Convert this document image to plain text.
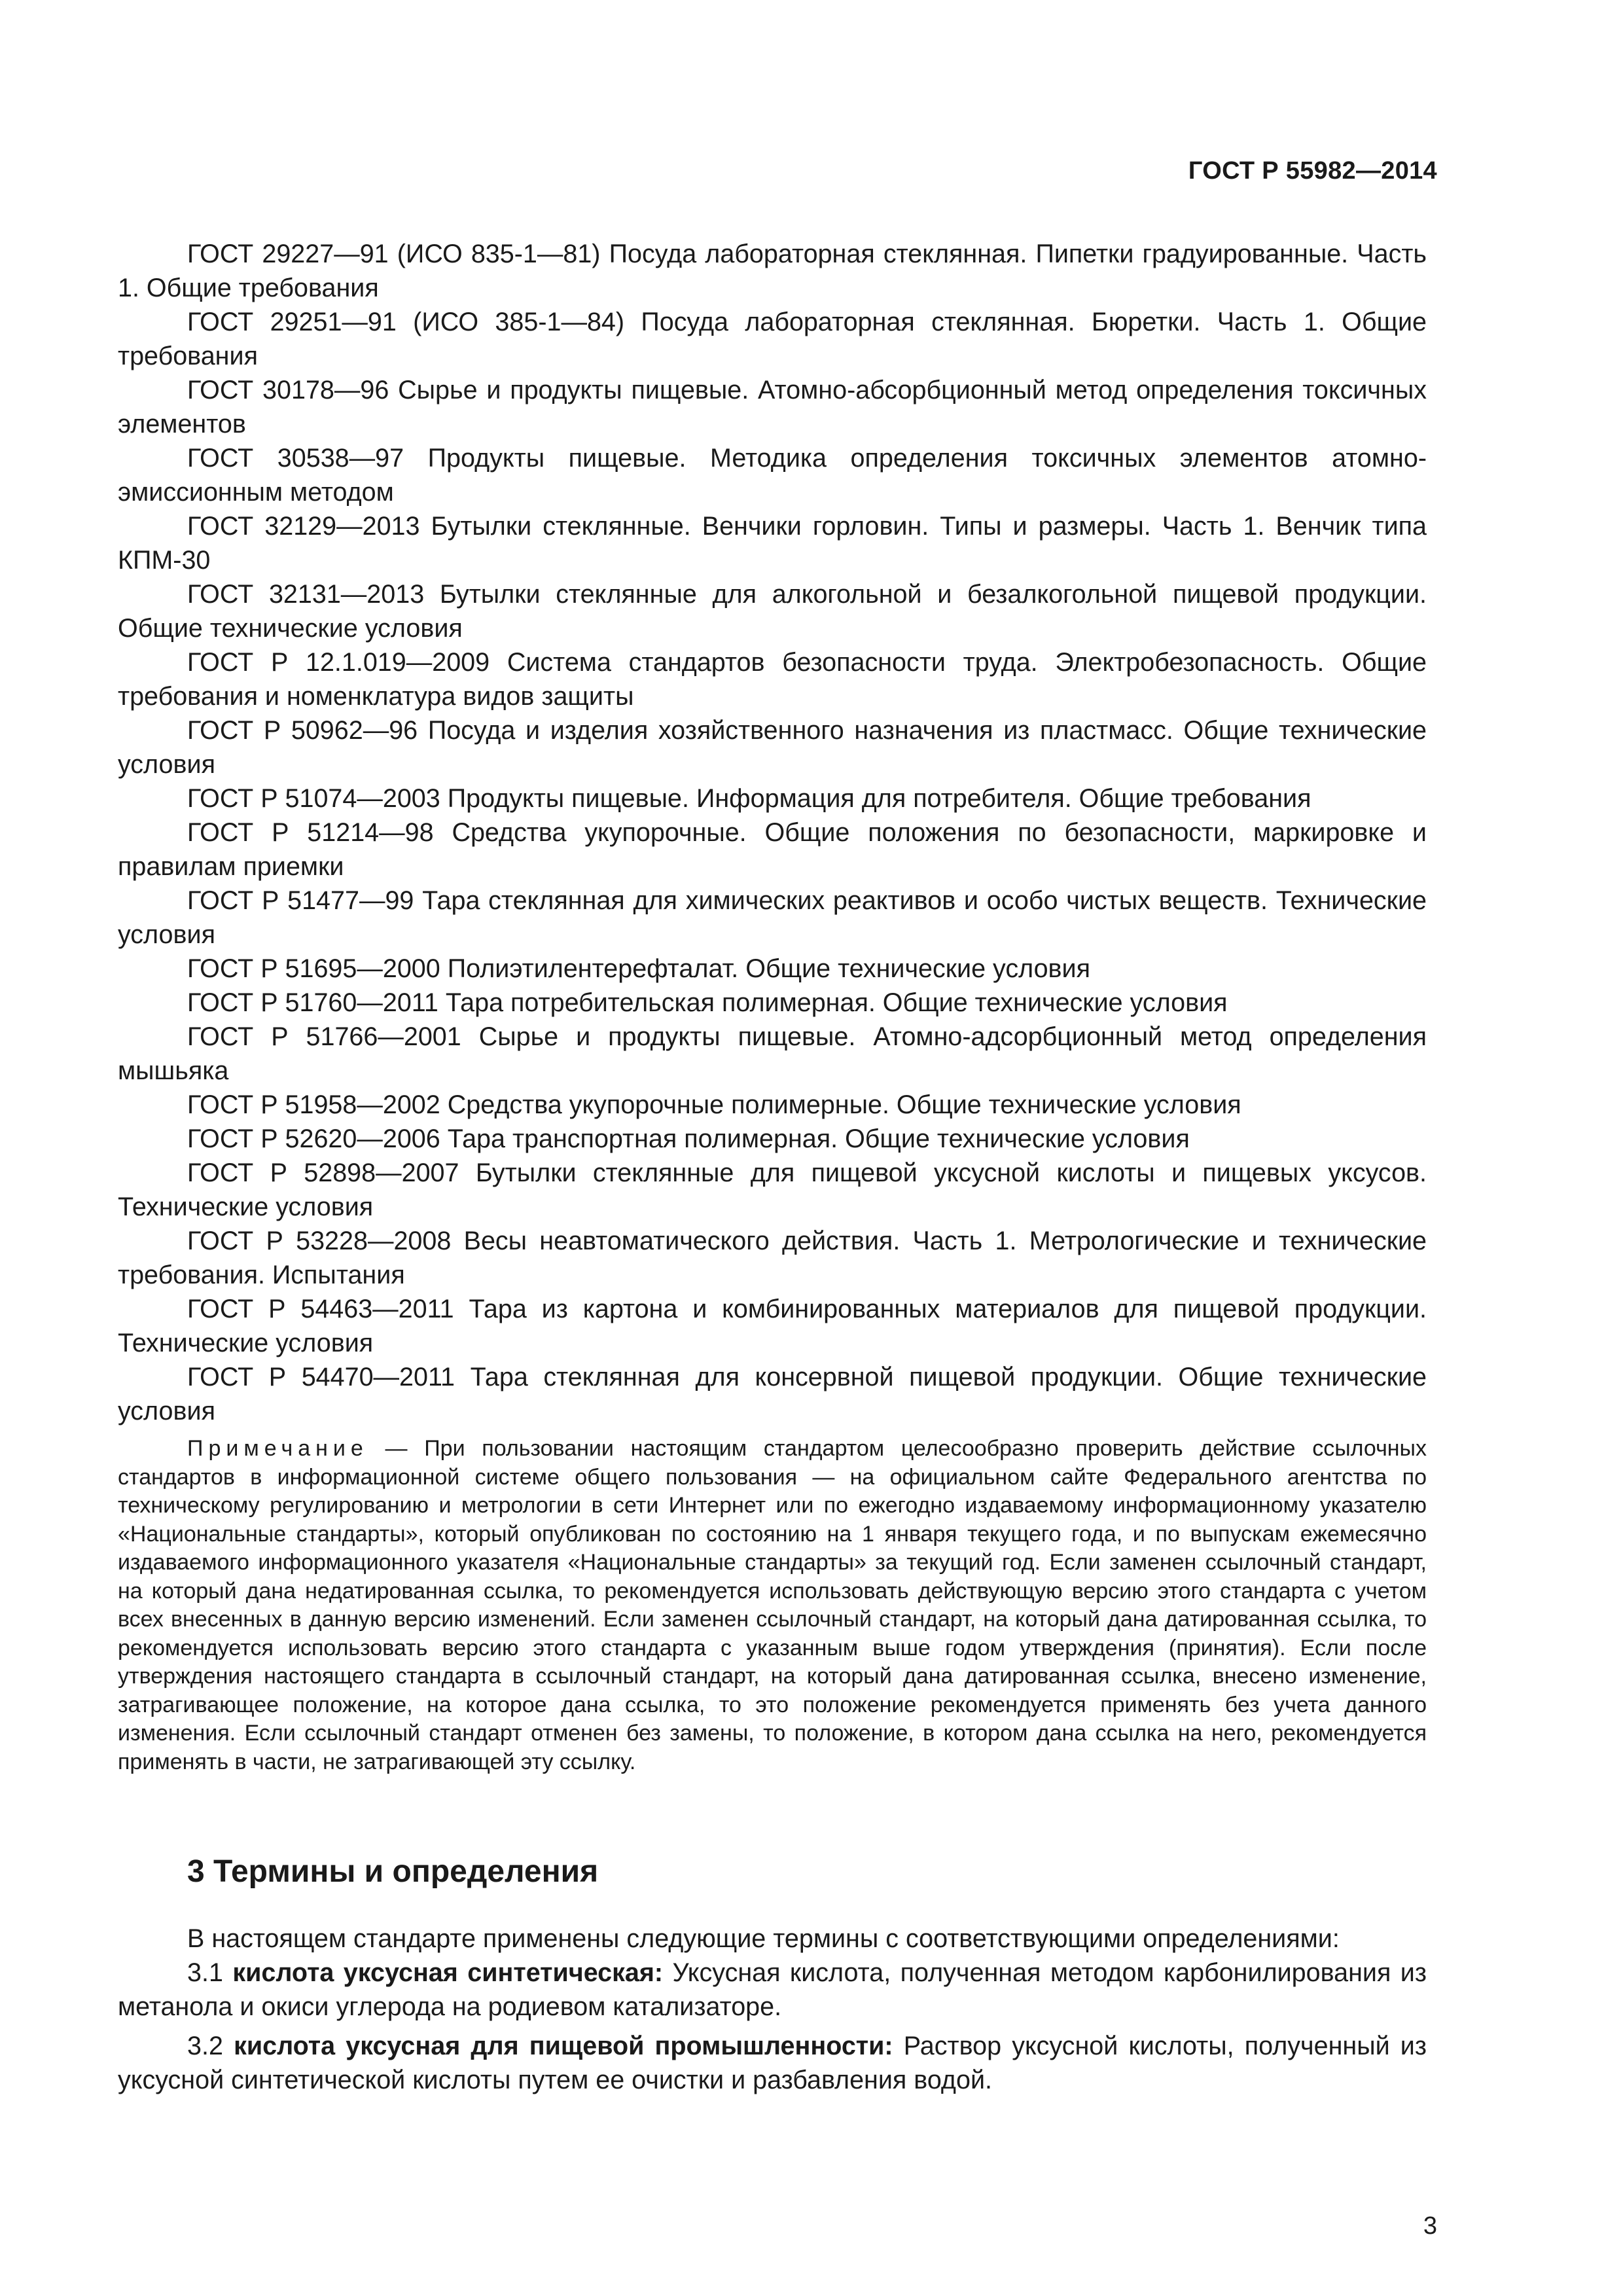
ГОСТ Р 55982—2014

ГОСТ 29227—91 (ИСО 835-1—81) Посуда лабораторная стеклянная. Пипетки градуированные. Часть 1. Общие требования

ГОСТ 29251—91 (ИСО 385-1—84) Посуда лабораторная стеклянная. Бюретки. Часть 1. Общие требования

ГОСТ 30178—96 Сырье и продукты пищевые. Атомно-абсорбционный метод определения токсичных элементов

ГОСТ 30538—97 Продукты пищевые. Методика определения токсичных элементов атомно-эмиссионным методом

ГОСТ 32129—2013 Бутылки стеклянные. Венчики горловин. Типы и размеры. Часть 1. Венчик типа КПМ-30

ГОСТ 32131—2013 Бутылки стеклянные для алкогольной и безалкогольной пищевой продукции. Общие технические условия

ГОСТ Р 12.1.019—2009 Система стандартов безопасности труда. Электробезопасность. Общие требования и номенклатура видов защиты

ГОСТ Р 50962—96 Посуда и изделия хозяйственного назначения из пластмасс. Общие технические условия

ГОСТ Р 51074—2003 Продукты пищевые. Информация для потребителя. Общие требования

ГОСТ Р 51214—98 Средства укупорочные. Общие положения по безопасности, маркировке и правилам приемки

ГОСТ Р 51477—99 Тара стеклянная для химических реактивов и особо чистых веществ. Технические условия

ГОСТ Р 51695—2000 Полиэтилентерефталат. Общие технические условия

ГОСТ Р 51760—2011 Тара потребительская полимерная. Общие технические условия

ГОСТ Р 51766—2001 Сырье и продукты пищевые. Атомно-адсорбционный метод определения мышьяка

ГОСТ Р 51958—2002 Средства укупорочные полимерные. Общие технические условия

ГОСТ Р 52620—2006 Тара транспортная полимерная. Общие технические условия

ГОСТ Р 52898—2007 Бутылки стеклянные для пищевой уксусной кислоты и пищевых уксусов. Технические условия

ГОСТ Р 53228—2008 Весы неавтоматического действия. Часть 1. Метрологические и технические требования. Испытания

ГОСТ Р 54463—2011 Тара из картона и комбинированных материалов для пищевой продукции. Технические условия

ГОСТ Р 54470—2011 Тара стеклянная для консервной пищевой продукции. Общие технические условия

Примечание — При пользовании настоящим стандартом целесообразно проверить действие ссылочных стандартов в информационной системе общего пользования — на официальном сайте Федерального агентства по техническому регулированию и метрологии в сети Интернет или по ежегодно издаваемому информационному указателю «Национальные стандарты», который опубликован по состоянию на 1 января текущего года, и по выпускам ежемесячно издаваемого информационного указателя «Национальные стандарты» за текущий год. Если заменен ссылочный стандарт, на который дана недатированная ссылка, то рекомендуется использовать действующую версию этого стандарта с учетом всех внесенных в данную версию изменений. Если заменен ссылочный стандарт, на который дана датированная ссылка, то рекомендуется использовать версию этого стандарта с указанным выше годом утверждения (принятия). Если после утверждения настоящего стандарта в ссылочный стандарт, на который дана датированная ссылка, внесено изменение, затрагивающее положение, на которое дана ссылка, то это положение рекомендуется применять без учета данного изменения. Если ссылочный стандарт отменен без замены, то положение, в котором дана ссылка на него, рекомендуется применять в части, не затрагивающей эту ссылку.

3 Термины и определения

В настоящем стандарте применены следующие термины с соответствующими определениями:

3.1 кислота уксусная синтетическая: Уксусная кислота, полученная методом карбонилирования из метанола и окиси углерода на родиевом катализаторе.

3.2 кислота уксусная для пищевой промышленности: Раствор уксусной кислоты, полученный из уксусной синтетической кислоты путем ее очистки и разбавления водой.

3
